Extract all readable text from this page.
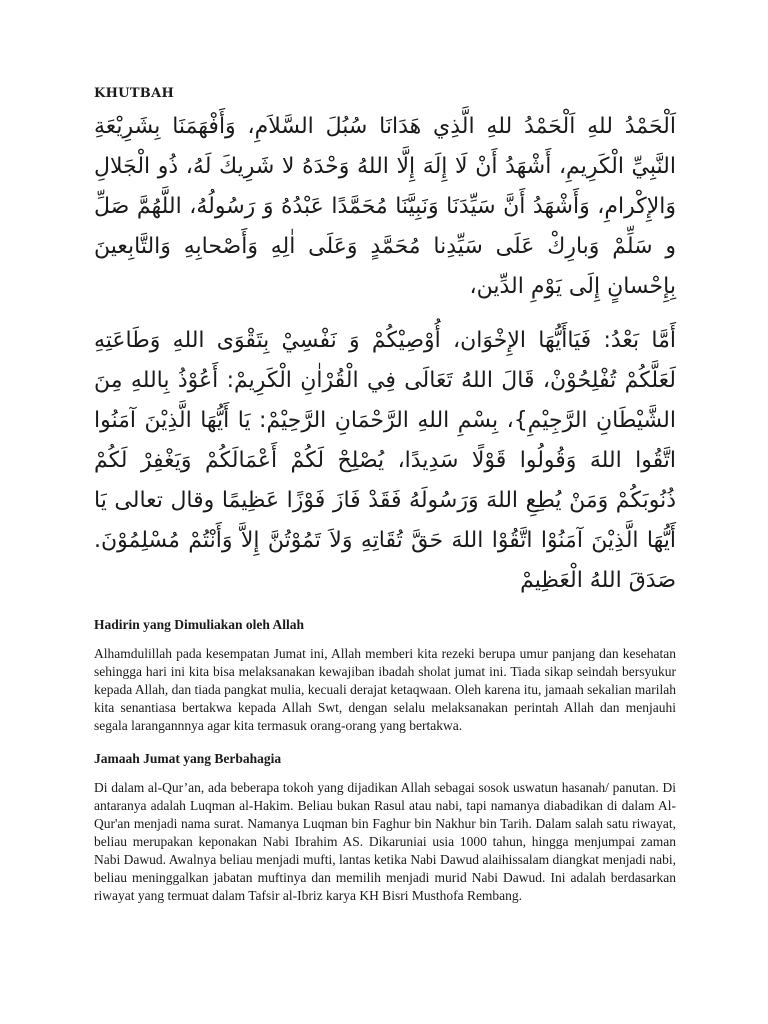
KHUTBAH

اَلْحَمْدُ للهِ اَلْحَمْدُ للهِ الَّذِي هَدَانَا سُبُلَ السَّلاَمِ، وَأَفْهَمَنَا بِشَرِيْعَةِ النَّبِيِّ الْكَرِيمِ، أَشْهَدُ أَنْ لَا إِلَهَ إِلَّا اللهُ وَحْدَهُ لا شَرِيكَ لَهُ، ذُو الْجَلالِ وَالإِكْرامِ، وَأَشْهَدُ أَنَّ سَيِّدَنَا وَنَبِيَّنَا مُحَمَّدًا عَبْدُهُ وَ رَسُولُهُ، اللَّهُمَّ صَلِّ و سَلِّمْ وَبارِكْ عَلَى سَيِّدِنا مُحَمَّدٍ وَعَلَى اٰلِهِ وَأَصْحابِهِ وَالتَّابِعينَ بِإِحْسانٍ إِلَى يَوْمِ الدِّين،

أَمَّا بَعْدُ: فَيَاأَيُّهَا الإِخْوَان، أُوْصِيْكُمْ وَ نَفْسِيْ بِتَقْوَى اللهِ وَطَاعَتِهِ لَعَلَّكُمْ تُفْلِحُوْنْ، قَالَ اللهُ تَعَالَى فِي الْقُرْاٰنِ الْكَرِيمْ: أَعُوْذُ بِاللهِ مِنَ الشَّيْطَانِ الرَّجِيْمِ}، بِسْمِ اللهِ الرَّحْمَانِ الرَّحِيْمْ: يَا أَيُّهَا الَّذِيْنَ آمَنُوا اتَّقُوا اللهَ وَقُولُوا قَوْلًا سَدِيدًا، يُصْلِحْ لَكُمْ أَعْمَالَكُمْ وَيَغْفِرْ لَكُمْ ذُنُوبَكُمْ وَمَنْ يُطِعِ اللهَ وَرَسُولَهُ فَقَدْ فَازَ فَوْزًا عَظِيمًا وقال تعالى يَا أَيُّهَا الَّذِيْنَ آمَنُوْا اتَّقُوْا اللهَ حَقَّ تُقَاتِهِ وَلاَ تَمُوْتُنَّ إِلاَّ وَأَنْتُمْ مُسْلِمُوْنَ. صَدَقَ اللهُ الْعَظِيمْ

Hadirin yang Dimuliakan oleh Allah

Alhamdulillah pada kesempatan Jumat ini, Allah memberi kita rezeki berupa umur panjang dan kesehatan sehingga hari ini kita bisa melaksanakan kewajiban ibadah sholat jumat ini. Tiada sikap seindah bersyukur kepada Allah, dan tiada pangkat mulia, kecuali derajat ketaqwaan. Oleh karena itu, jamaah sekalian marilah kita senantiasa bertakwa kepada Allah Swt, dengan selalu melaksanakan perintah Allah dan menjauhi segala larangannnya agar kita termasuk orang-orang yang bertakwa.

Jamaah Jumat yang Berbahagia

Di dalam al-Qur’an, ada beberapa tokoh yang dijadikan Allah sebagai sosok uswatun hasanah/ panutan. Di antaranya adalah Luqman al-Hakim. Beliau bukan Rasul atau nabi, tapi namanya diabadikan di dalam Al-Qur'an menjadi nama surat. Namanya Luqman bin Faghur bin Nakhur bin Tarih. Dalam salah satu riwayat, beliau merupakan keponakan Nabi Ibrahim AS. Dikaruniai usia 1000 tahun, hingga menjumpai zaman Nabi Dawud. Awalnya beliau menjadi mufti, lantas ketika Nabi Dawud alaihissalam diangkat menjadi nabi, beliau meninggalkan jabatan muftinya dan memilih menjadi murid Nabi Dawud. Ini adalah berdasarkan riwayat yang termuat dalam Tafsir al-Ibriz karya KH Bisri Musthofa Rembang.
